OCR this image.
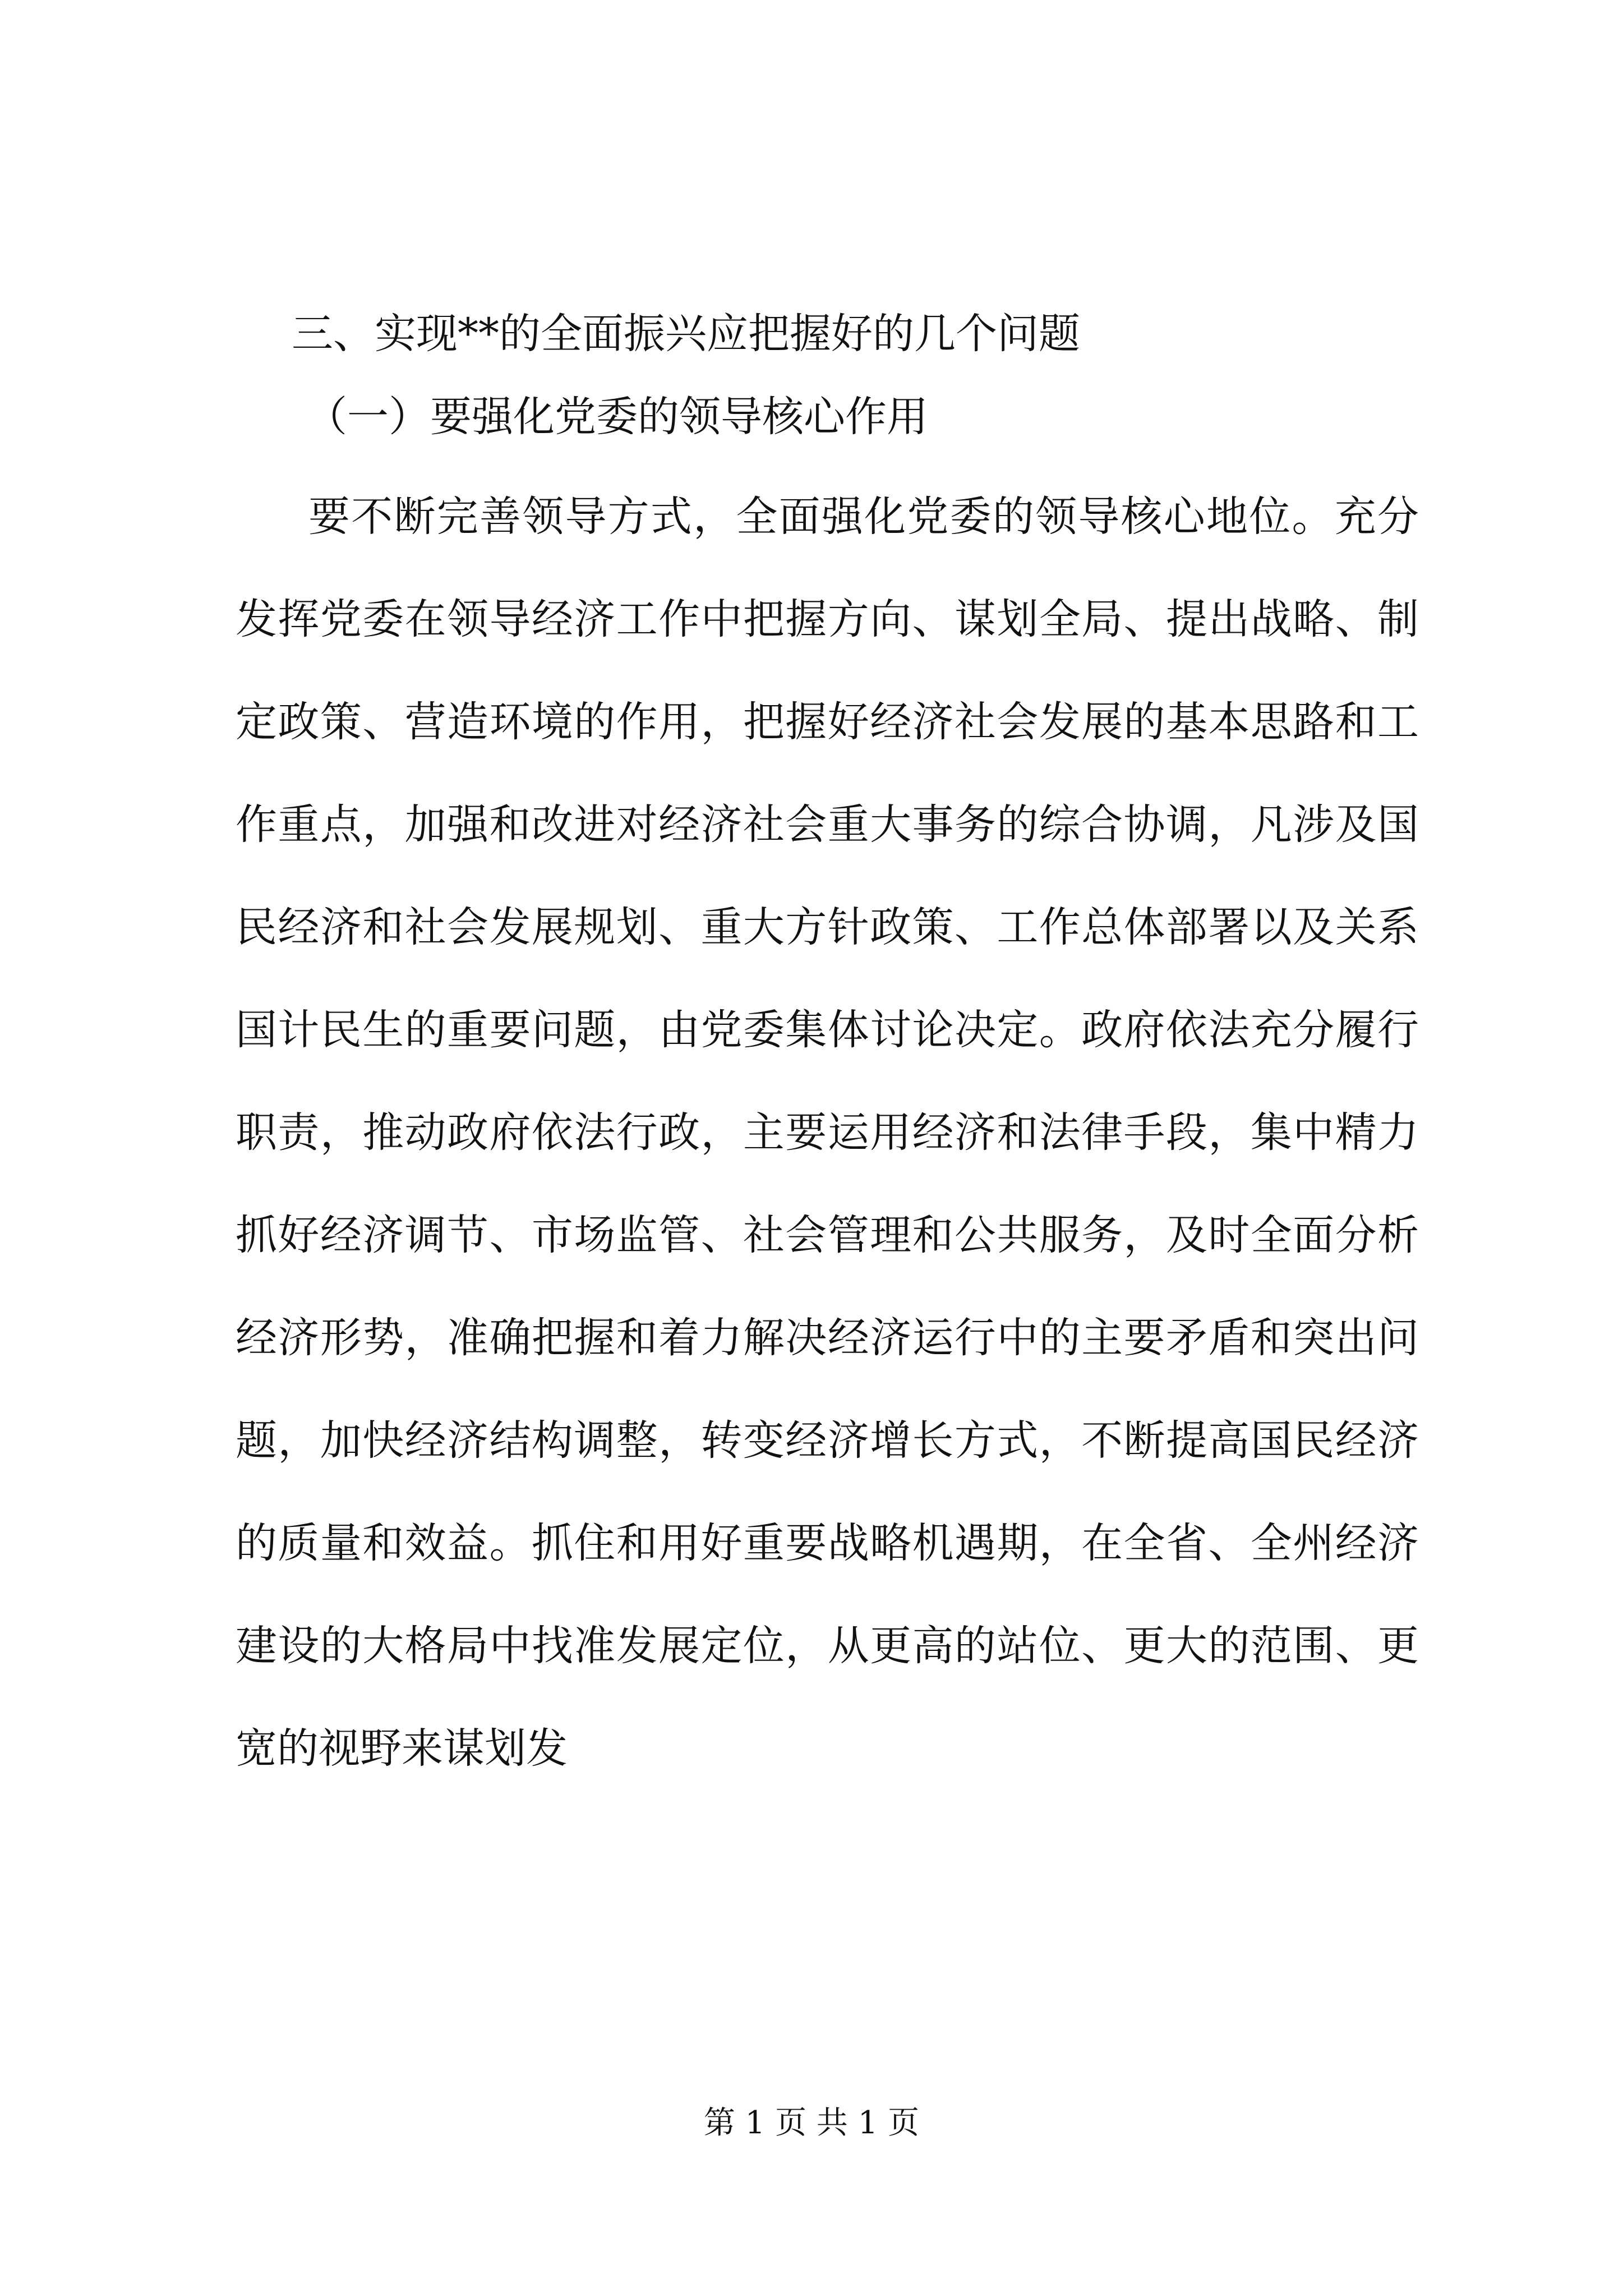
三、实现**的全面振兴应把握好的几个问题
（一）要强化党委的领导核心作用
要不断完善领导方式，全面强化党委的领导核心地位。充分
发挥党委在领导经济工作中把握方向、谋划全局、提出战略、制
定政策、营造环境的作用，把握好经济社会发展的基本思路和工
作重点，加强和改进对经济社会重大事务的综合协调，凡涉及国
民经济和社会发展规划、重大方针政策、工作总体部署以及关系
国计民生的重要问题，由党委集体讨论决定。政府依法充分履行
职责，推动政府依法行政，主要运用经济和法律手段，集中精力
抓好经济调节、市场监管、社会管理和公共服务，及时全面分析
经济形势，准确把握和着力解决经济运行中的主要矛盾和突出问
题，加快经济结构调整，转变经济增长方式，不断提高国民经济
的质量和效益。抓住和用好重要战略机遇期，在全省、全州经济
建设的大格局中找准发展定位，从更高的站位、更大的范围、更
宽的视野来谋划发
第 1 页 共 1 页
